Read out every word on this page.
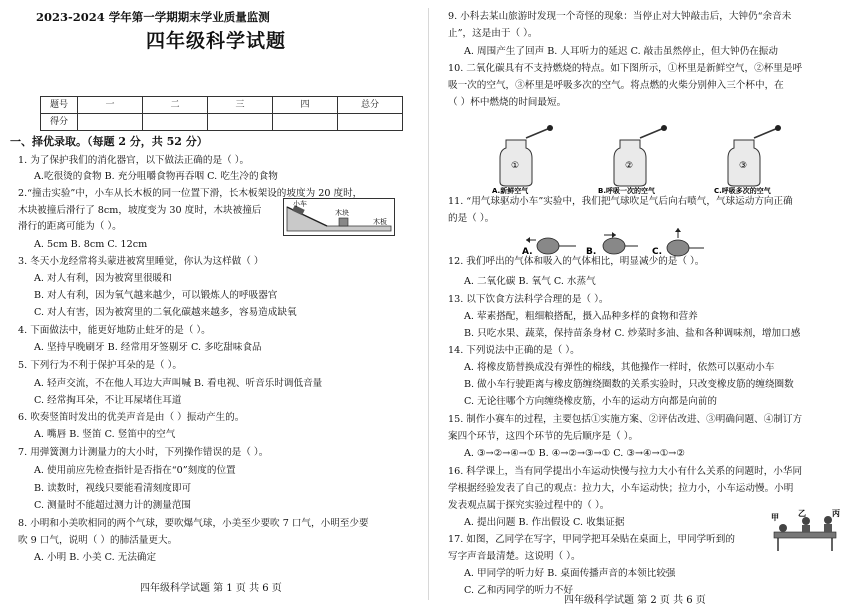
2023-2024 学年第一学期期末学业质量监测
四年级科学试题
题号	一	二	三	四	总分
得分					
一、择优录取。（每题 2 分，共 52 分）
1. 为了保护我们的消化器官，以下做法正确的是（ ）。
A.吃很烫的食物 B. 充分咀嚼食物再吞咽 C. 吃生冷的食物
2.“撞击实验”中，小车从长木板的同一位置下滑，长木板架设的坡度为 20 度时，
木块被撞后滑行了 8cm，坡度变为 30 度时，木块被撞后
滑行的距离可能为（ ）。
小车
木块
木板
A. 5cm B. 8cm C. 12cm
3. 冬天小龙经常将头蒙进被窝里睡觉，你认为这样做（ ）
A. 对人有利，因为被窝里很暖和
B. 对人有利，因为氧气越来越少，可以锻炼人的呼吸器官
C. 对人有害，因为被窝里的二氧化碳越来越多，容易造成缺氧
4. 下面做法中，能更好地防止蛀牙的是（ ）。
A. 坚持早晚刷牙 B. 经常用牙签剔牙 C. 多吃甜味食品
5. 下列行为不利于保护耳朵的是（ ）。
A. 轻声交流，不在他人耳边大声叫喊 B. 看电视、听音乐时调低音量
C. 经常掏耳朵，不让耳屎堵住耳道
6. 吹奏竖笛时发出的优美声音是由（ ）振动产生的。
A. 嘴唇 B. 竖笛 C. 竖笛中的空气
7. 用弹簧测力计测量力的大小时，下列操作错误的是（ ）。
A. 使用前应先检查指针是否指在“0”刻度的位置
B. 读数时，视线只要能看清刻度即可
C. 测量时不能超过测力计的测量范围
8. 小明和小美吹相同的两个气球，要吹爆气球，小美至少要吹 7 口气，小明至少要
吹 9 口气，说明（ ）的肺活量更大。
A. 小明 B. 小美 C. 无法确定
四年级科学试题 第 1 页 共 6 页
9. 小科去某山旅游时发现一个奇怪的现象：当停止对大钟敲击后，大钟仍“余音未
止”，这是由于（ ）。
A. 周围产生了回声 B. 人耳听力的延迟 C. 敲击虽然停止，但大钟仍在振动
10. 二氧化碳具有不支持燃烧的特点。如下图所示，①杯里是新鲜空气，②杯里是呼
吸一次的空气，③杯里是呼吸多次的空气。将点燃的火柴分别伸入三个杯中，在
（ ）杯中燃烧的时间最短。
①
A.新鲜空气
②
B.呼吸一次的空气
③
C.呼吸多次的空气
11. “用气球驱动小车”实验中，我们把气球吹足气后向右喷气，气球运动方向正确
的是（ ）。
A.	B.	C.
12. 我们呼出的气体和吸入的气体相比，明显减少的是（ ）。
A. 二氧化碳 B. 氧气 C. 水蒸气
13. 以下饮食方法科学合理的是（ ）。
A. 荤素搭配，粗细粮搭配，摄入品种多样的食物和营养
B. 只吃水果、蔬菜，保持苗条身材 C. 炒菜时多油、盐和各种调味剂，增加口感
14. 下列说法中正确的是（ ）。
A. 将橡皮筋替换成没有弹性的棉线，其他操作一样时，依然可以驱动小车
B. 做小车行驶距离与橡皮筋缠绕圈数的关系实验时，只改变橡皮筋的缠绕圈数
C. 无论往哪个方向缠绕橡皮筋，小车的运动方向都是向前的
15. 制作小赛车的过程，主要包括①实施方案、②评估改进、③明确问题、④制订方
案四个环节，这四个环节的先后顺序是（ ）。
A. ③→②→④→① B. ④→②→③→① C. ③→④→①→②
16. 科学课上，当有同学提出小车运动快慢与拉力大小有什么关系的问题时，小华同
学根据经验发表了自己的观点：拉力大，小车运动快；拉力小，小车运动慢。小明
发表观点属于探究实验过程中的（ ）。
A. 提出问题 B. 作出假设 C. 收集证据
17. 如图，乙同学在写字，甲同学把耳朵贴在桌面上，甲同学听到的
写字声音最清楚。这说明（ ）。
A. 甲同学的听力好 B. 桌面传播声音的本领比较强
C. 乙和丙同学的听力不好
甲 乙	丙
四年级科学试题 第 2 页 共 6 页
